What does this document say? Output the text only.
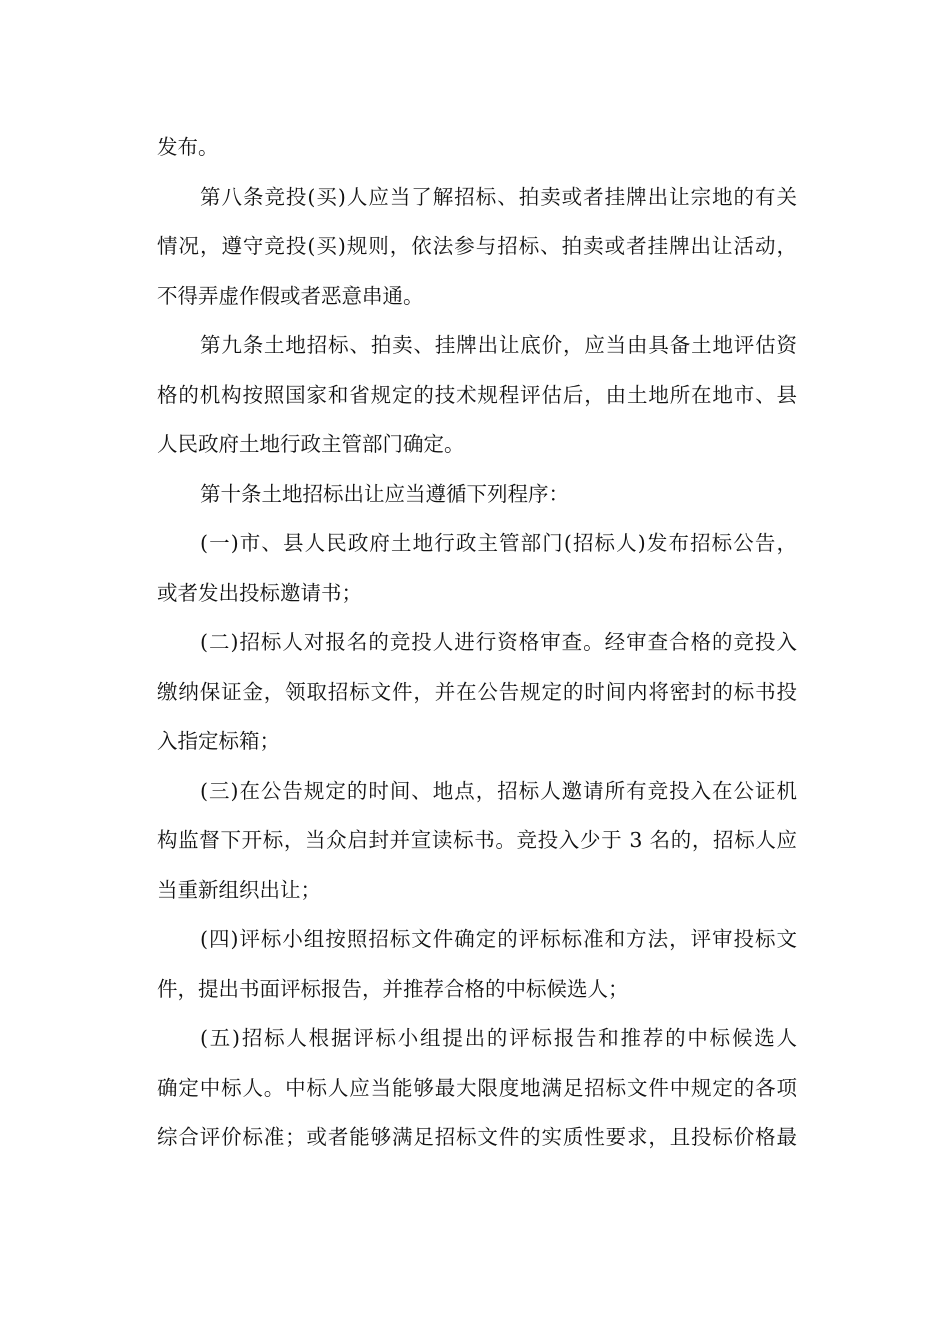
发布。
第八条竞投(买)人应当了解招标、拍卖或者挂牌出让宗地的有关
情况，遵守竞投(买)规则，依法参与招标、拍卖或者挂牌出让活动，
不得弄虚作假或者恶意串通。
第九条土地招标、拍卖、挂牌出让底价，应当由具备土地评估资
格的机构按照国家和省规定的技术规程评估后，由土地所在地市、县
人民政府土地行政主管部门确定。
第十条土地招标出让应当遵循下列程序：
(一)市、县人民政府土地行政主管部门(招标人)发布招标公告，
或者发出投标邀请书；
(二)招标人对报名的竞投人进行资格审查。经审查合格的竞投入
缴纳保证金，领取招标文件，并在公告规定的时间内将密封的标书投
入指定标箱；
(三)在公告规定的时间、地点，招标人邀请所有竞投入在公证机
构监督下开标，当众启封并宣读标书。竞投入少于 3 名的，招标人应
当重新组织出让；
(四)评标小组按照招标文件确定的评标标准和方法，评审投标文
件，提出书面评标报告，并推荐合格的中标候选人；
(五)招标人根据评标小组提出的评标报告和推荐的中标候选人
确定中标人。中标人应当能够最大限度地满足招标文件中规定的各项
综合评价标准；或者能够满足招标文件的实质性要求，且投标价格最
